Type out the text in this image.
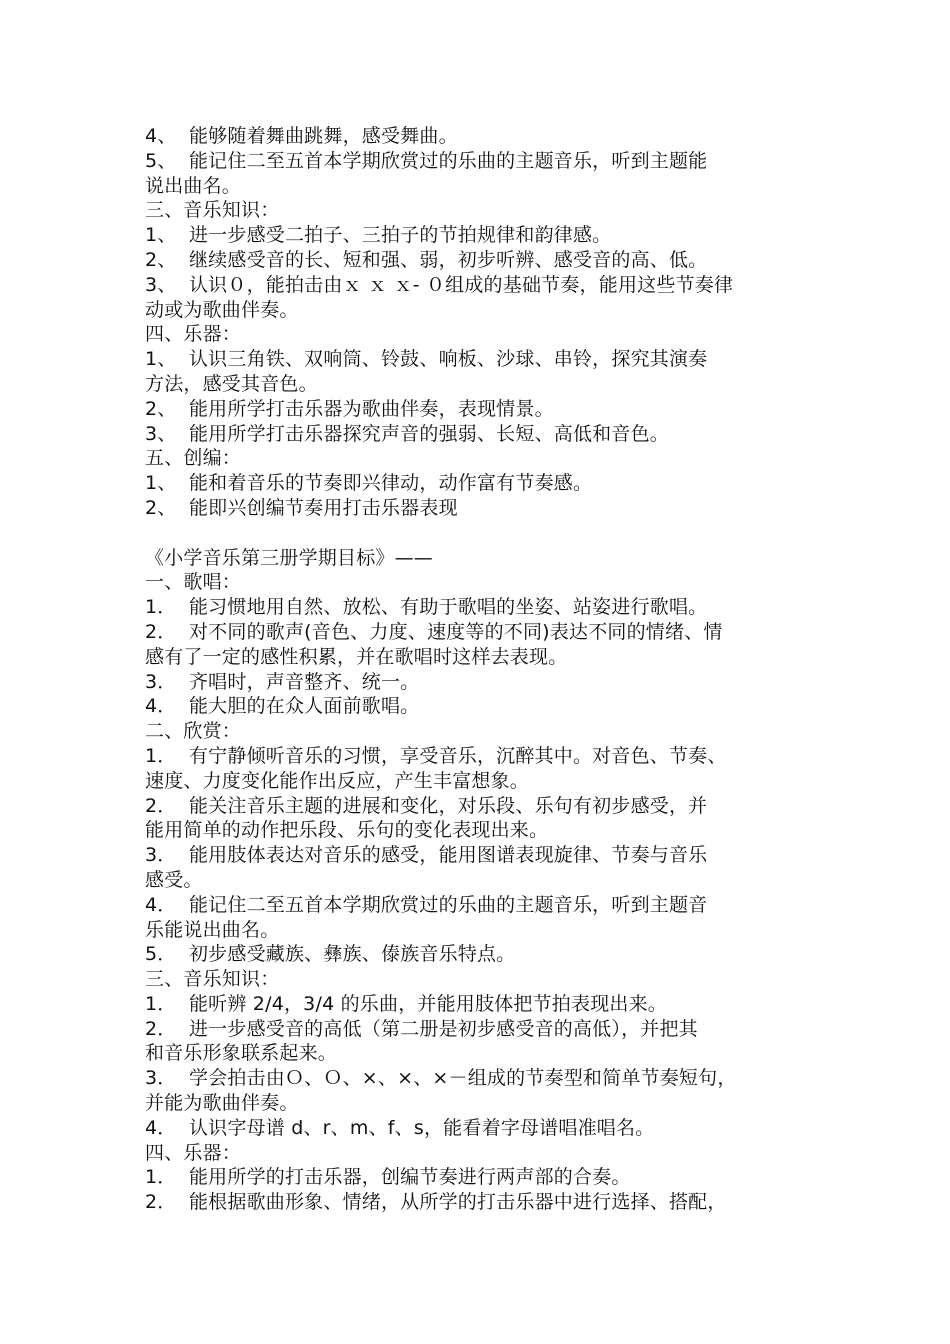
4、  能够随着舞曲跳舞，感受舞曲。
5、  能记住二至五首本学期欣赏过的乐曲的主题音乐，听到主题能
说出曲名。
三、音乐知识：
1、  进一步感受二拍子、三拍子的节拍规律和韵律感。
2、  继续感受音的长、短和强、弱，初步听辨、感受音的高、低。
3、  认识０，能拍击由ｘ ｘ ｘ- ０组成的基础节奏，能用这些节奏律
动或为歌曲伴奏。
四、乐器：
1、  认识三角铁、双响筒、铃鼓、响板、沙球、串铃，探究其演奏
方法，感受其音色。
2、  能用所学打击乐器为歌曲伴奏，表现情景。
3、  能用所学打击乐器探究声音的强弱、长短、高低和音色。
五、创编：
1、  能和着音乐的节奏即兴律动，动作富有节奏感。
2、  能即兴创编节奏用打击乐器表现
《小学音乐第三册学期目标》——
一、歌唱：
1．  能习惯地用自然、放松、有助于歌唱的坐姿、站姿进行歌唱。
2．  对不同的歌声(音色、力度、速度等的不同)表达不同的情绪、情
感有了一定的感性积累，并在歌唱时这样去表现。
3．  齐唱时，声音整齐、统一。
4．  能大胆的在众人面前歌唱。
二、欣赏：
1．  有宁静倾听音乐的习惯，享受音乐，沉醉其中。对音色、节奏、
速度、力度变化能作出反应，产生丰富想象。
2．  能关注音乐主题的进展和变化，对乐段、乐句有初步感受，并
能用简单的动作把乐段、乐句的变化表现出来。
3．  能用肢体表达对音乐的感受，能用图谱表现旋律、节奏与音乐
感受。
4．  能记住二至五首本学期欣赏过的乐曲的主题音乐，听到主题音
乐能说出曲名。
5．  初步感受藏族、彝族、傣族音乐特点。
三、音乐知识：
1．  能听辨 2/4，3/4 的乐曲，并能用肢体把节拍表现出来。
2．  进一步感受音的高低（第二册是初步感受音的高低），并把其
和音乐形象联系起来。
3．  学会拍击由Ｏ、Ｏ、×、×、×－组成的节奏型和简单节奏短句，
并能为歌曲伴奏。
4．  认识字母谱 d、r、m、f、s，能看着字母谱唱准唱名。
四、乐器：
1．  能用所学的打击乐器，创编节奏进行两声部的合奏。
2．  能根据歌曲形象、情绪，从所学的打击乐器中进行选择、搭配，
